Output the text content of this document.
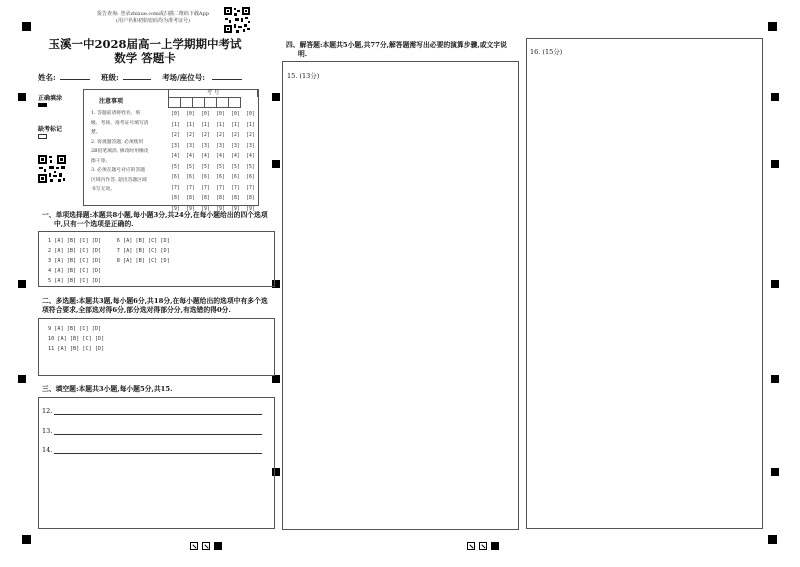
报告查询: 登录zhixue.com或扫描二维码下载App
(用户名和初始密码均为准考证号)
玉溪一中2028届高一上学期期中考试
数学 答题卡
姓名:	班级:	考场/座位号:
正确填涂
缺考标记
注意事项
1. 答题前请将姓名、班
级、考场、准考证号填写清
楚。
2. 客观题答题, 必须使用
2B铅笔填涂, 修改时用橡皮
擦干净。
3. 必须在题号对应的答题
区域内作答, 超出答题区域
书写无效。
考 号

[0] [0] [0] [0] [0] [0]
[1] [1] [1] [1] [1] [1]
[2] [2] [2] [2] [2] [2]
[3] [3] [3] [3] [3] [3]
[4] [4] [4] [4] [4] [4]
[5] [5] [5] [5] [5] [5]
[6] [6] [6] [6] [6] [6]
[7] [7] [7] [7] [7] [7]
[8] [8] [8] [8] [8] [8]
[9] [9] [9] [9] [9] [9]
一、单项选择题:本题共8小题,每小题3分,共24分,在每小题给出的四个选项
中,只有一个选项是正确的.
1 [A] [B] [C] [D]     6 [A] [B] [C] [D]
2 [A] [B] [C] [D]     7 [A] [B] [C] [D]
3 [A] [B] [C] [D]     8 [A] [B] [C] [D]
4 [A] [B] [C] [D]
5 [A] [B] [C] [D]
二、多选题:本题共3题,每小题6分,共18分,在每小题给出的选项中有多个选
项符合要求,全部选对得6分,部分选对得部分分,有选错的得0分.
9 [A] [B] [C] [D]
10 [A] [B] [C] [D]
11 [A] [B] [C] [D]
三、填空题:本题共3小题,每小题5分,共15.
12.
13.
14.
四、解答题:本题共5小题,共77分,解答题需写出必要的演算步骤,或文字说
明.
15. (13分)
16. (15分)
